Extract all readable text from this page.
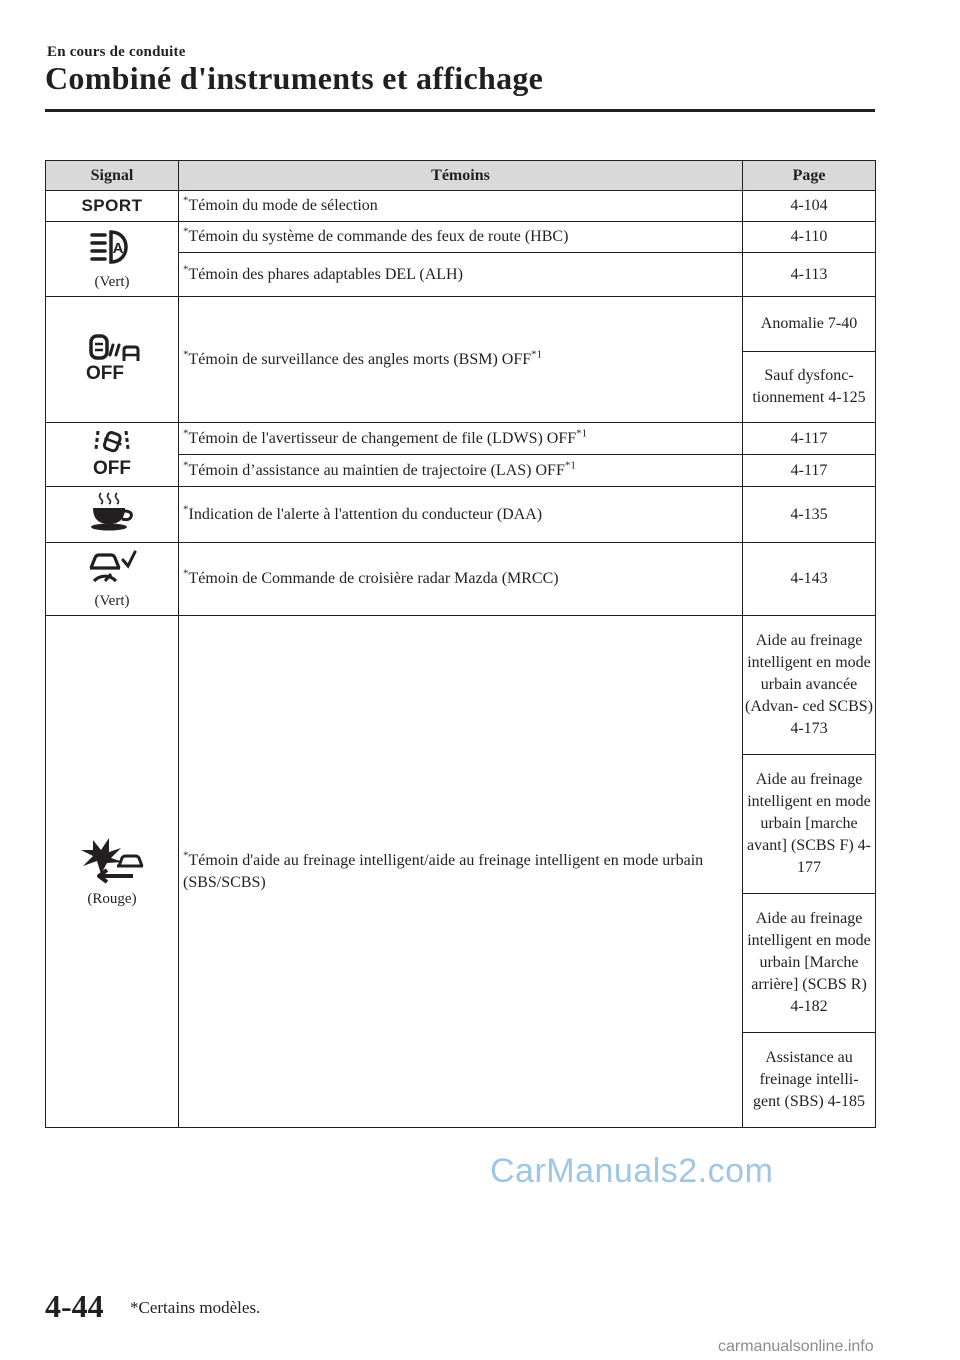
En cours de conduite
Combiné d'instruments et affichage
Signal	Témoins	Page
SPORT	*Témoin du mode de sélection	4-104

A
(Vert)	*Témoin du système de commande des feux de route (HBC)	4-110
	*Témoin des phares adaptables DEL (ALH)	4-113

OFF	*Témoin de surveillance des angles morts (BSM) OFF$^{*1}$	Anomalie 7-40
		Sauf dysfonc- tionnement 4-125

OFF	*Témoin de l'avertisseur de changement de file (LDWS) OFF$^{*1}$	4-117
	*Témoin d’assistance au maintien de trajectoire (LAS) OFF$^{*1}$	4-117
	*Indication de l'alerte à l'attention du conducteur (DAA)	4-135

(Vert)	*Témoin de Commande de croisière radar Mazda (MRCC)	4-143

(Rouge)	*Témoin d'aide au freinage intelligent/aide au freinage intelligent en mode urbain (SBS/SCBS)	Aide au freinage intelligent en mode urbain avancée (Advan- ced SCBS) 4-173
		Aide au freinage intelligent en mode urbain [marche avant] (SCBS F) 4-177
		Aide au freinage intelligent en mode urbain [Marche arrière] (SCBS R) 4-182
		Assistance au freinage intelli- gent (SBS) 4-185
CarManuals2.com
4-44 *Certains modèles.
carmanualsonline.info
